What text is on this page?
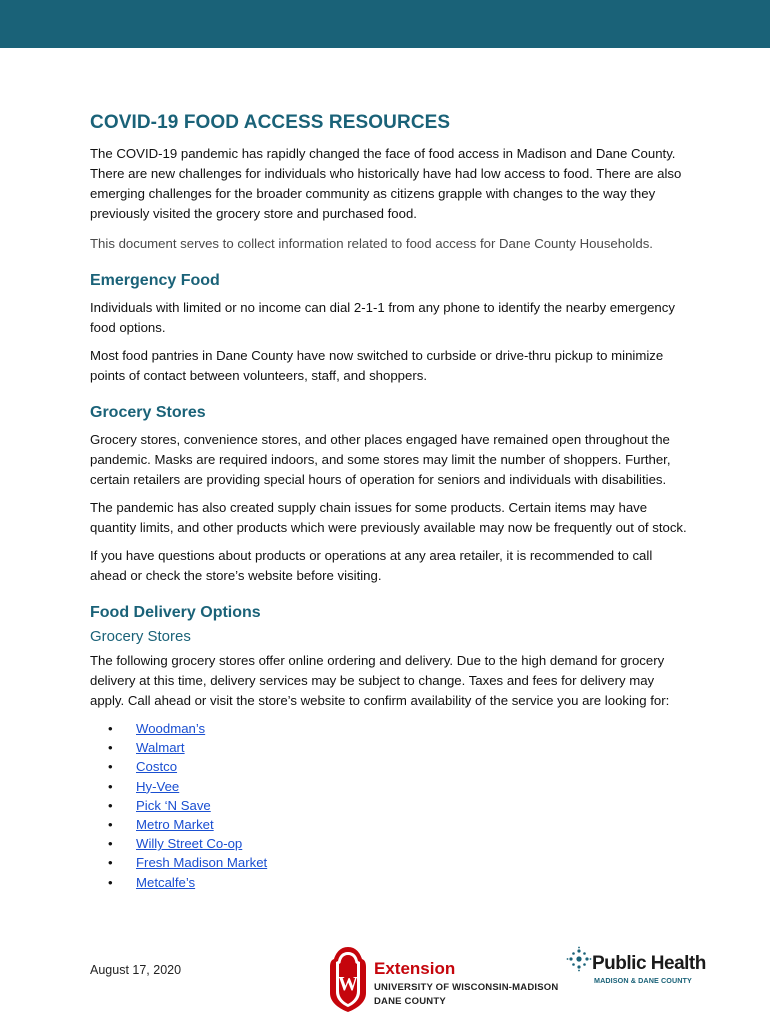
COVID-19 FOOD ACCESS RESOURCES

The COVID-19 pandemic has rapidly changed the face of food access in Madison and Dane County. There are new challenges for individuals who historically have had low access to food. There are also emerging challenges for the broader community as citizens grapple with changes to the way they previously visited the grocery store and purchased food.

This document serves to collect information related to food access for Dane County Households.

Emergency Food

Individuals with limited or no income can dial 2-1-1 from any phone to identify the nearby emergency food options.

Most food pantries in Dane County have now switched to curbside or drive-thru pickup to minimize points of contact between volunteers, staff, and shoppers.

Grocery Stores

Grocery stores, convenience stores, and other places engaged have remained open throughout the pandemic. Masks are required indoors, and some stores may limit the number of shoppers. Further, certain retailers are providing special hours of operation for seniors and individuals with disabilities.

The pandemic has also created supply chain issues for some products. Certain items may have quantity limits, and other products which were previously available may now be frequently out of stock.

If you have questions about products or operations at any area retailer, it is recommended to call ahead or check the store’s website before visiting.

Food Delivery Options
Grocery Stores

The following grocery stores offer online ordering and delivery. Due to the high demand for grocery delivery at this time, delivery services may be subject to change. Taxes and fees for delivery may apply. Call ahead or visit the store’s website to confirm availability of the service you are looking for:

• Woodman’s
• Walmart
• Costco
• Hy-Vee
• Pick ‘N Save
• Metro Market
• Willy Street Co-op
• Fresh Madison Market
• Metcalfe’s
August 17, 2020
W
Extension
UNIVERSITY OF WISCONSIN-MADISON
DANE COUNTY
Public Health
MADISON & DANE COUNTY
